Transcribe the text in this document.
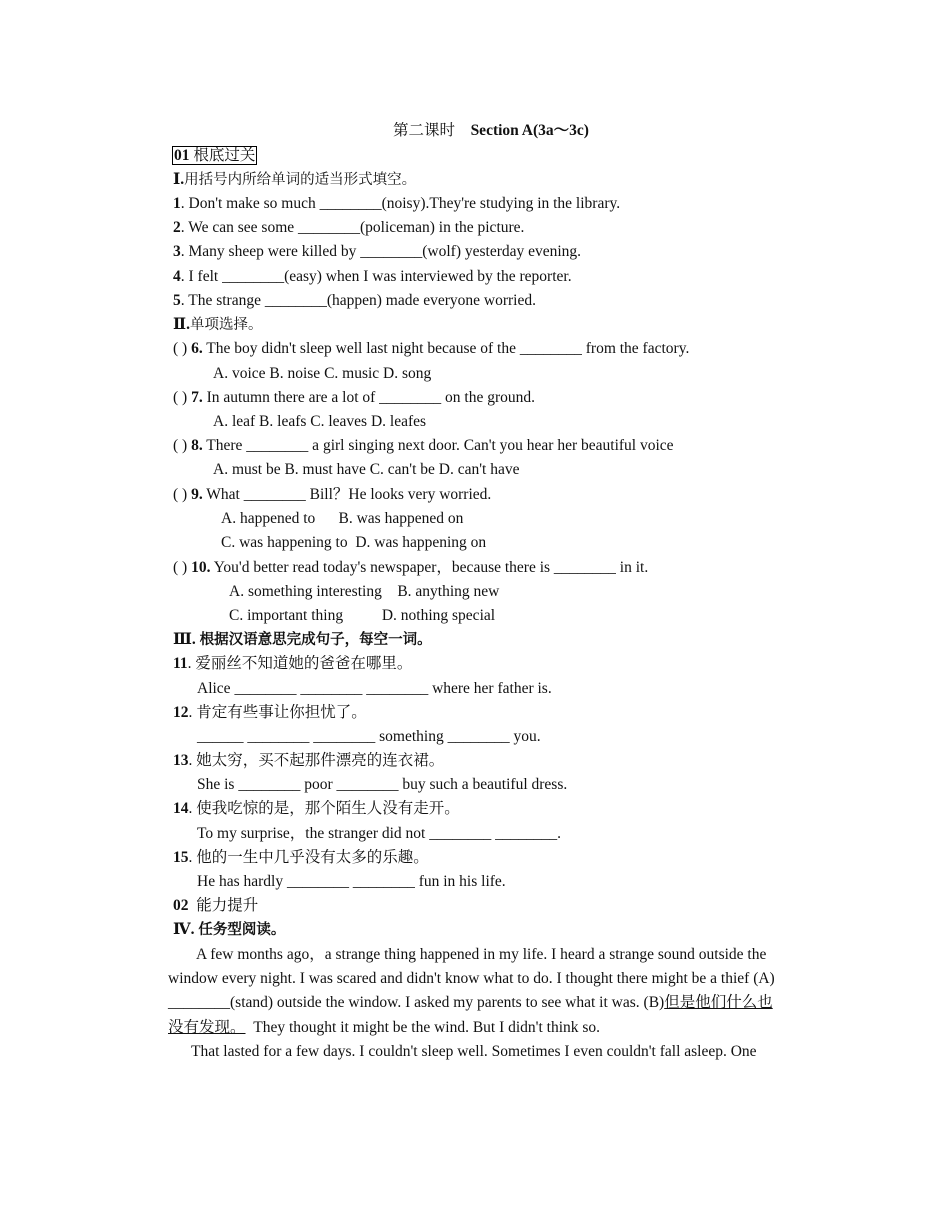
第二课时 Section A(3a～3c)
01 根底过关
Ⅰ.用括号内所给单词的适当形式填空。
1. Don't make so much ________(noisy).They're studying in the library.
2. We can see some ________(policeman) in the picture.
3. Many sheep were killed by ________(wolf) yesterday evening.
4. I felt ________(easy) when I was interviewed by the reporter.
5. The strange ________(happen) made everyone worried.
Ⅱ.单项选择。
( ) 6. The boy didn't sleep well last night because of the ________ from the factory.
A. voice B. noise C. music D. song
( ) 7. In autumn there are a lot of ________ on the ground.
A. leaf B. leafs C. leaves D. leafes
( ) 8. There ________ a girl singing next door. Can't you hear her beautiful voice
A. must be B. must have C. can't be D. can't have
( ) 9. What ________ Bill？He looks very worried.
A. happened to      B. was happened on
C. was happening to  D. was happening on
( ) 10. You'd better read today's newspaper，because there is ________ in it.
A. something interesting    B. anything new
C. important thing          D. nothing special
Ⅲ. 根据汉语意思完成句子，每空一词。
11. 爱丽丝不知道她的爸爸在哪里。
Alice ________ ________ ________ where her father is.
12. 肯定有些事让你担忧了。
______ ________ ________ something ________ you.
13. 她太穷，买不起那件漂亮的连衣裙。
She is ________ poor ________ buy such a beautiful dress.
14. 使我吃惊的是，那个陌生人没有走开。
To my surprise，the stranger did not ________ ________.
15. 他的一生中几乎没有太多的乐趣。
He has hardly ________ ________ fun in his life.
02 能力提升
Ⅳ. 任务型阅读。
A few months ago，a strange thing happened in my life. I heard a strange sound outside the
window every night. I was scared and didn't know what to do. I thought there might be a thief (A)
________(stand) outside the window. I asked my parents to see what it was. (B)但是他们什么也
没有发现。  They thought it might be the wind. But I didn't think so.
That lasted for a few days. I couldn't sleep well. Sometimes I even couldn't fall asleep. One
